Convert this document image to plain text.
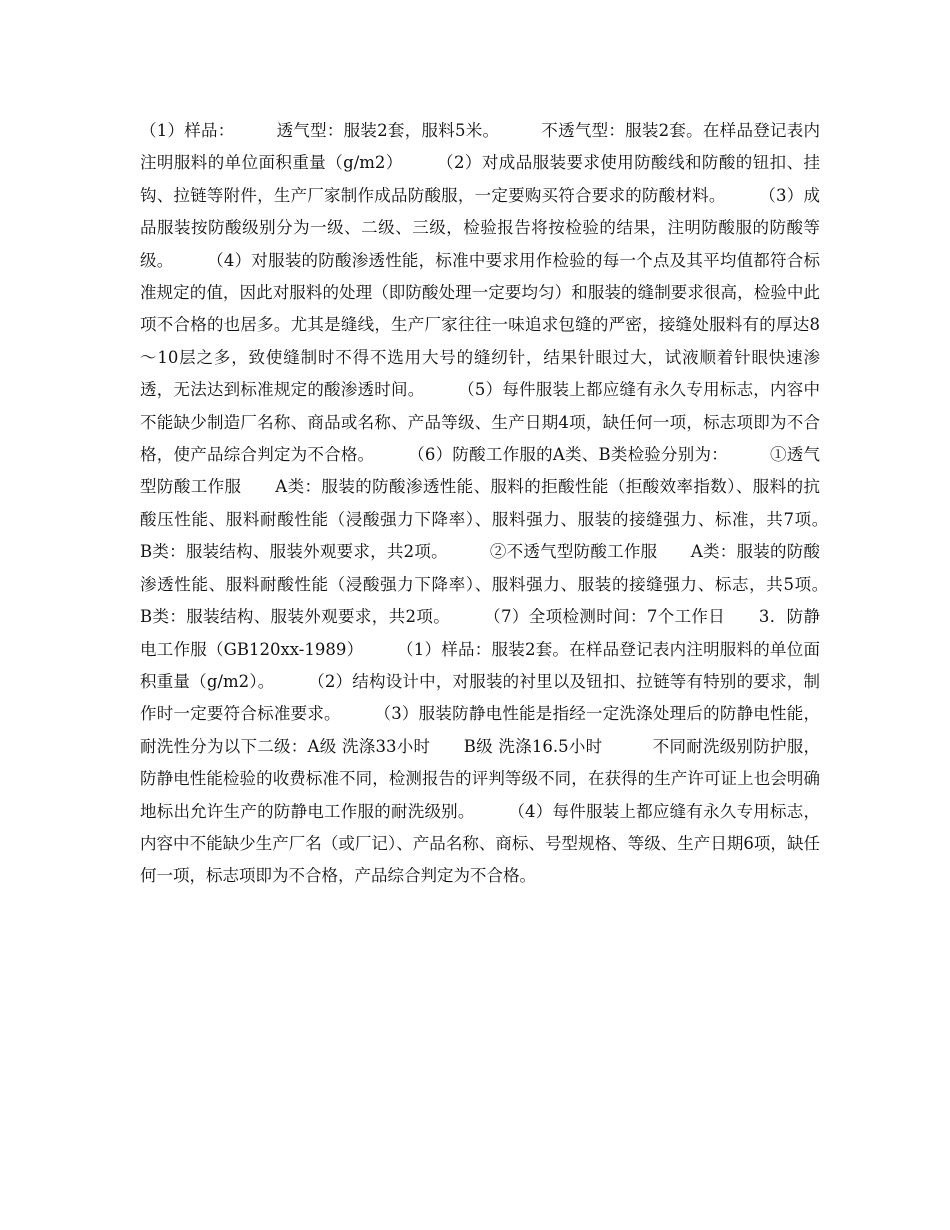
（1）样品：　　　透气型：服装2套，服料5米。　　　不透气型：服装2套。在样品登记表内注明服料的单位面积重量（g/m2）　　　（2）对成品服装要求使用防酸线和防酸的钮扣、挂钩、拉链等附件，生产厂家制作成品防酸服，一定要购买符合要求的防酸材料。　　　（3）成品服装按防酸级别分为一级、二级、三级，检验报告将按检验的结果，注明防酸服的防酸等级。　　　（4）对服装的防酸渗透性能，标准中要求用作检验的每一个点及其平均值都符合标准规定的值，因此对服料的处理（即防酸处理一定要均匀）和服装的缝制要求很高，检验中此项不合格的也居多。尤其是缝线，生产厂家往往一味追求包缝的严密，接缝处服料有的厚达8～10层之多，致使缝制时不得不选用大号的缝纫针，结果针眼过大，试液顺着针眼快速渗透，无法达到标准规定的酸渗透时间。　　　（5）每件服装上都应缝有永久专用标志，内容中不能缺少制造厂名称、商品或名称、产品等级、生产日期4项，缺任何一项，标志项即为不合格，使产品综合判定为不合格。　　　（6）防酸工作服的A类、B类检验分别为：　　　①透气型防酸工作服　　A类：服装的防酸渗透性能、服料的拒酸性能（拒酸效率指数）、服料的抗酸压性能、服料耐酸性能（浸酸强力下降率）、服料强力、服装的接缝强力、标准，共7项。　　B类：服装结构、服装外观要求，共2项。　　　②不透气型防酸工作服　　A类：服装的防酸渗透性能、服料耐酸性能（浸酸强力下降率）、服料强力、服装的接缝强力、标志，共5项。　　B类：服装结构、服装外观要求，共2项。　　　（7）全项检测时间：7个工作日　　3．防静电工作服（GB120xx-1989）　　　（1）样品：服装2套。在样品登记表内注明服料的单位面积重量（g/m2）。　　　（2）结构设计中，对服装的衬里以及钮扣、拉链等有特别的要求，制作时一定要符合标准要求。　　　（3）服装防静电性能是指经一定洗涤处理后的防静电性能，耐洗性分为以下二级：A级 洗涤33小时　　B级 洗涤16.5小时　　　不同耐洗级别防护服，防静电性能检验的收费标准不同，检测报告的评判等级不同，在获得的生产许可证上也会明确地标出允许生产的防静电工作服的耐洗级别。　　　（4）每件服装上都应缝有永久专用标志，内容中不能缺少生产厂名（或厂记）、产品名称、商标、号型规格、等级、生产日期6项，缺任何一项，标志项即为不合格，产品综合判定为不合格。
